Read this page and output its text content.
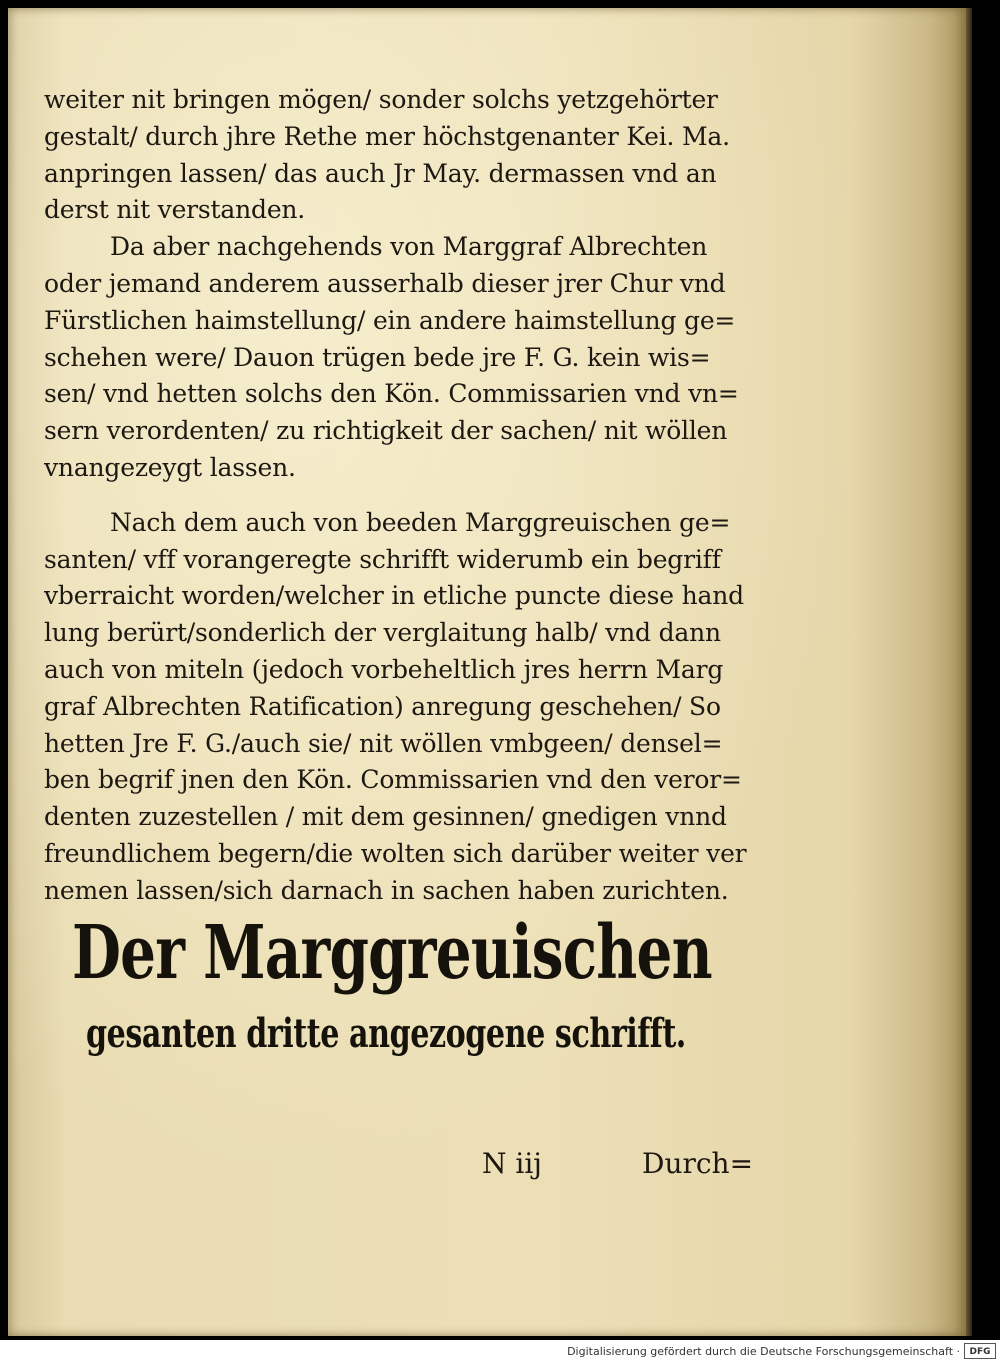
weiter nit bringen mögen/ sonder solchs yetzgehörter
gestalt/ durch jhre Rethe mer höchstgenanter Kei. Ma.
anpringen lassen/ das auch Jr May. dermassen vnd an
derst nit verstanden.

Da aber nachgehends von Marggraf Albrechten
oder jemand anderem ausserhalb dieser jrer Chur vnd
Fürstlichen haimstellung/ ein andere haimstellung ge=
schehen were/ Dauon trügen bede jre F. G. kein wis=
sen/ vnd hetten solchs den Kön. Commissarien vnd vn=
sern verordenten/ zu richtigkeit der sachen/ nit wöllen
vnangezeygt lassen.

Nach dem auch von beeden Marggreuischen ge=
santen/ vff vorangeregte schrifft widerumb ein begriff
vberraicht worden/welcher in etliche puncte diese hand
lung berürt/sonderlich der verglaitung halb/ vnd dann
auch von miteln (jedoch vorbeheltlich jres herrn Marg
graf Albrechten Ratification) anregung geschehen/ So
hetten Jre F. G./auch sie/ nit wöllen vmbgeen/ densel=
ben begrif jnen den Kön. Commissarien vnd den veror=
denten zuzestellen / mit dem gesinnen/ gnedigen vnnd
freundlichem begern/die wolten sich darüber weiter ver
nemen lassen/sich darnach in sachen haben zurichten.

Der Marggreuischen
gesanten dritte angezogene schrifft.
N iij	Durch=
Digitalisierung gefördert durch die Deutsche Forschungsgemeinschaft ·	DFG
